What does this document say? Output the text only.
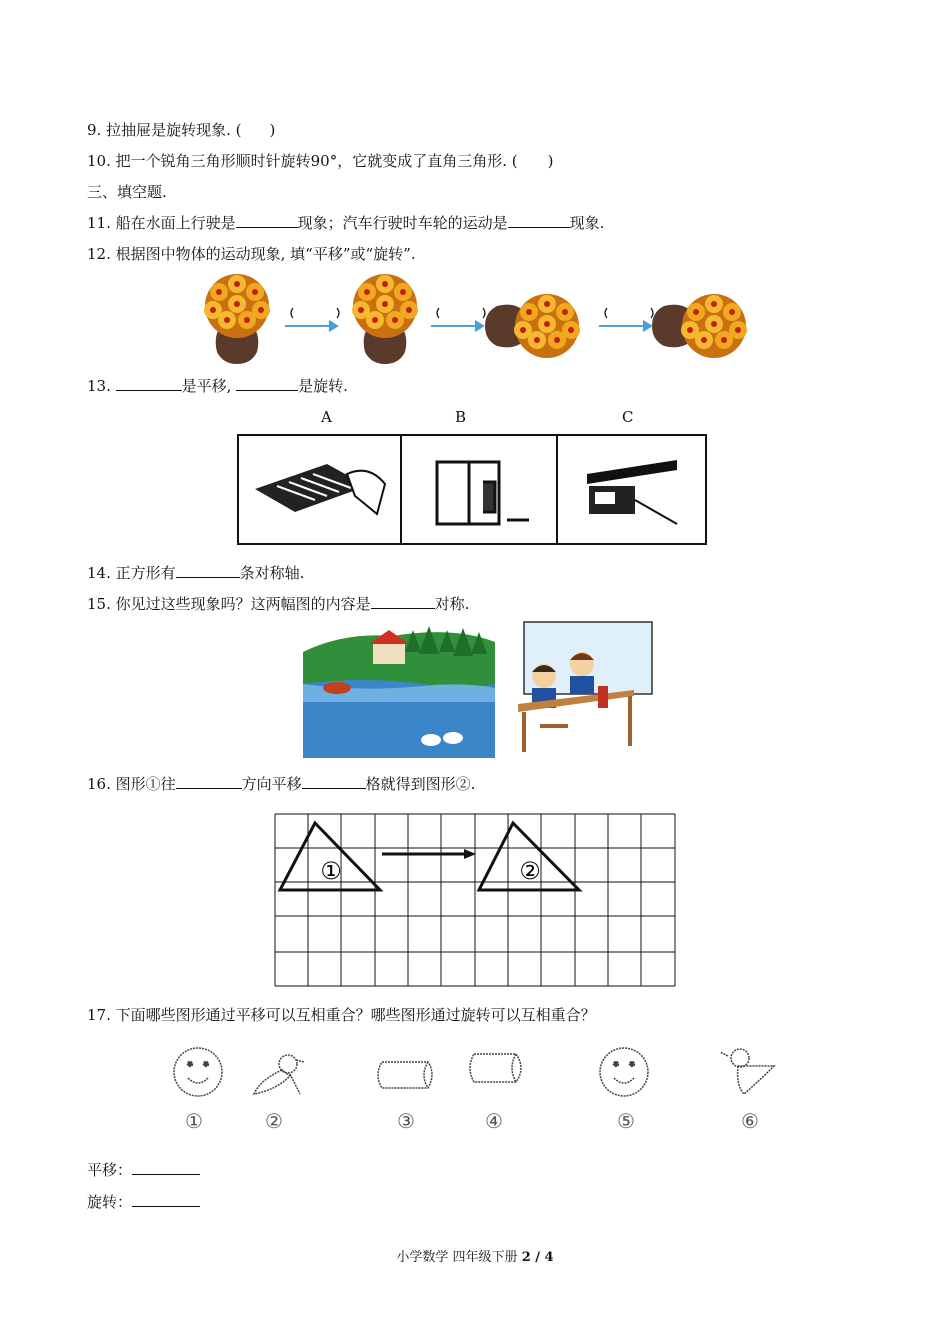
9. 拉抽屉是旋转现象. ( )
10. 把一个锐角三角形顺时针旋转90°，它就变成了直角三角形. ( )
三、填空题.
11. 船在水面上行驶是	现象；汽车行驶时车轮的运动是	现象.
12. 根据图中物体的运动现象, 填“平移”或“旋转”.
13.	是平移,	是旋转.
A	B	C
14. 正方形有	条对称轴.
15. 你见过这些现象吗？这两幅图的内容是	对称.
16. 图形①往	方向平移	格就得到图形②.
①	②
17. 下面哪些图形通过平移可以互相重合？哪些图形通过旋转可以互相重合？
①	②	③	④	⑤	⑥
平移：
旋转：
小学数学 四年级下册 2 / 4
